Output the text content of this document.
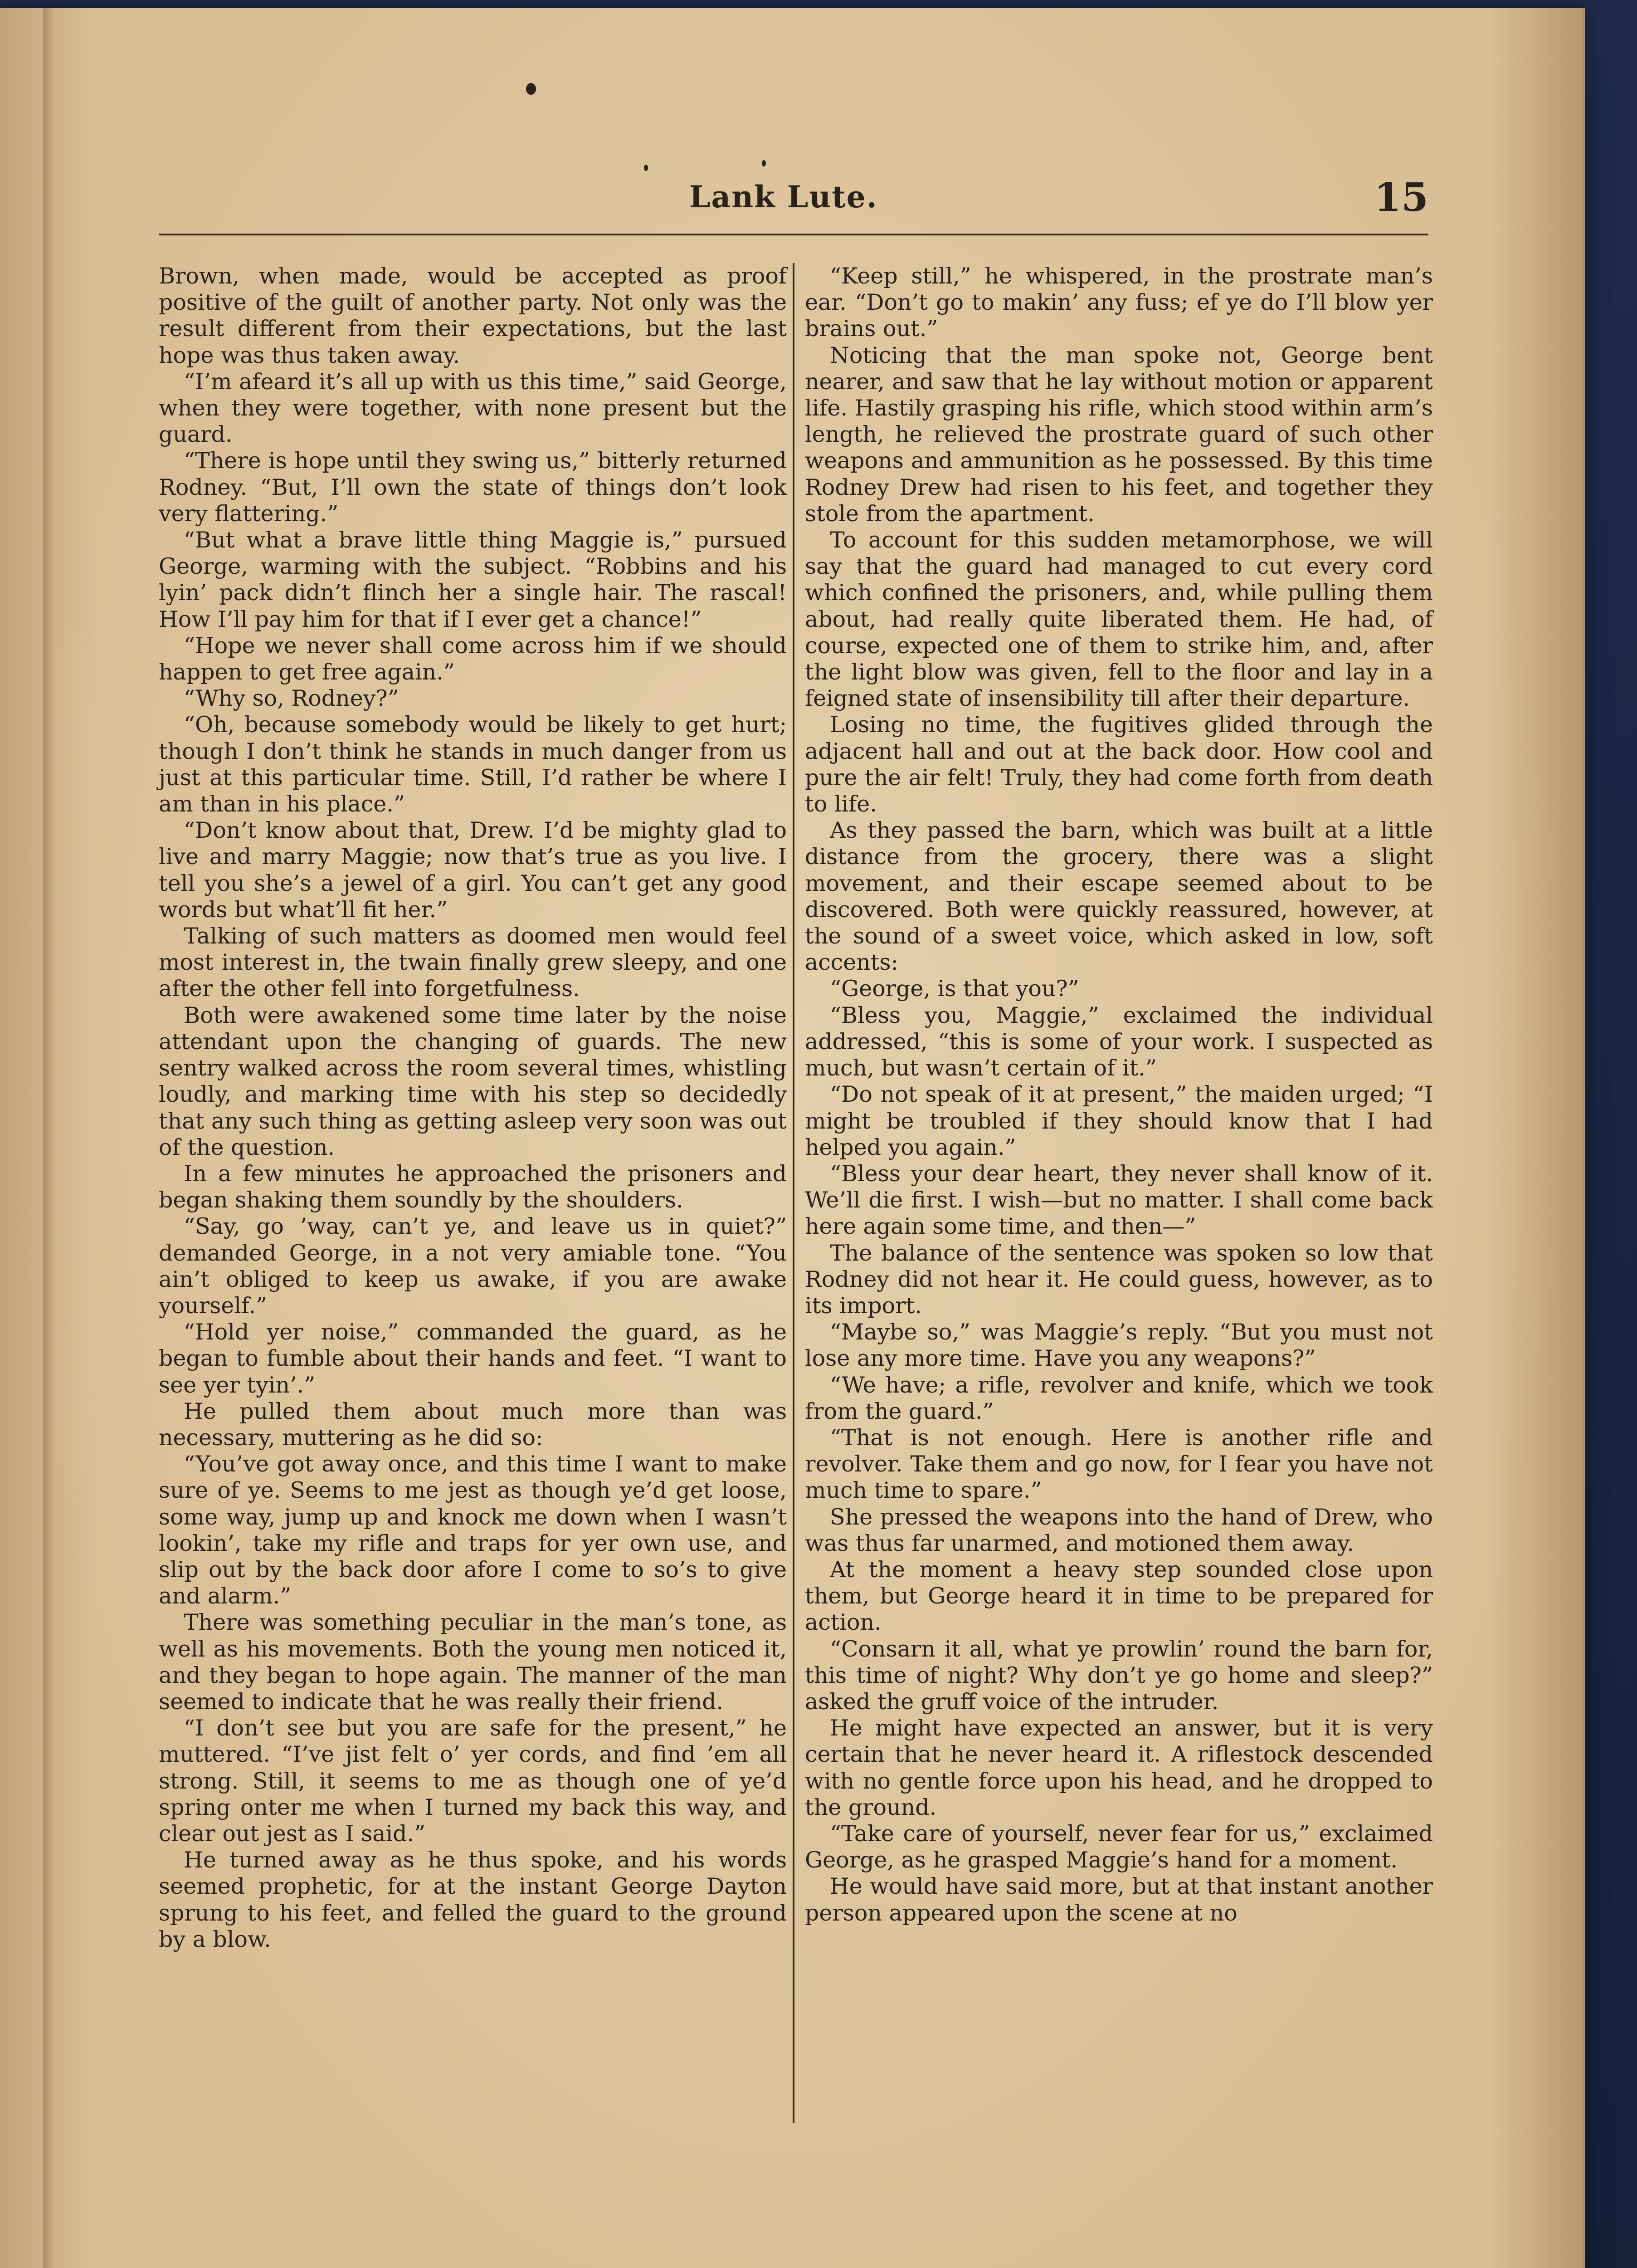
Lank Lute.	15

Brown, when made, would be accepted as proof positive of the guilt of another party. Not only was the result different from their expectations, but the last hope was thus taken away.

“I’m afeard it’s all up with us this time,” said George, when they were together, with none present but the guard.

“There is hope until they swing us,” bitterly returned Rodney. “But, I’ll own the state of things don’t look very flattering.”

“But what a brave little thing Maggie is,” pursued George, warming with the subject. “Robbins and his lyin’ pack didn’t flinch her a single hair. The rascal! How I’ll pay him for that if I ever get a chance!”

“Hope we never shall come across him if we should happen to get free again.”

“Why so, Rodney?”

“Oh, because somebody would be likely to get hurt; though I don’t think he stands in much danger from us just at this particular time. Still, I’d rather be where I am than in his place.”

“Don’t know about that, Drew. I’d be mighty glad to live and marry Maggie; now that’s true as you live. I tell you she’s a jewel of a girl. You can’t get any good words but what’ll fit her.”

Talking of such matters as doomed men would feel most interest in, the twain finally grew sleepy, and one after the other fell into forgetfulness.

Both were awakened some time later by the noise attendant upon the changing of guards. The new sentry walked across the room several times, whistling loudly, and marking time with his step so decidedly that any such thing as getting asleep very soon was out of the question.

In a few minutes he approached the prisoners and began shaking them soundly by the shoulders.

“Say, go ’way, can’t ye, and leave us in quiet?” demanded George, in a not very amiable tone. “You ain’t obliged to keep us awake, if you are awake yourself.”

“Hold yer noise,” commanded the guard, as he began to fumble about their hands and feet. “I want to see yer tyin’.”

He pulled them about much more than was necessary, muttering as he did so:

“You’ve got away once, and this time I want to make sure of ye. Seems to me jest as though ye’d get loose, some way, jump up and knock me down when I wasn’t lookin’, take my rifle and traps for yer own use, and slip out by the back door afore I come to so’s to give and alarm.”

There was something peculiar in the man’s tone, as well as his movements. Both the young men noticed it, and they began to hope again. The manner of the man seemed to indicate that he was really their friend.

“I don’t see but you are safe for the present,” he muttered. “I’ve jist felt o’ yer cords, and find ’em all strong. Still, it seems to me as though one of ye’d spring onter me when I turned my back this way, and clear out jest as I said.”

He turned away as he thus spoke, and his words seemed prophetic, for at the instant George Dayton sprung to his feet, and felled the guard to the ground by a blow.

“Keep still,” he whispered, in the prostrate man’s ear. “Don’t go to makin’ any fuss; ef ye do I’ll blow yer brains out.”

Noticing that the man spoke not, George bent nearer, and saw that he lay without motion or apparent life. Hastily grasping his rifle, which stood within arm’s length, he relieved the prostrate guard of such other weapons and ammunition as he possessed. By this time Rodney Drew had risen to his feet, and together they stole from the apartment.

To account for this sudden metamorphose, we will say that the guard had managed to cut every cord which confined the prisoners, and, while pulling them about, had really quite liberated them. He had, of course, expected one of them to strike him, and, after the light blow was given, fell to the floor and lay in a feigned state of insensibility till after their departure.

Losing no time, the fugitives glided through the adjacent hall and out at the back door. How cool and pure the air felt! Truly, they had come forth from death to life.

As they passed the barn, which was built at a little distance from the grocery, there was a slight movement, and their escape seemed about to be discovered. Both were quickly reassured, however, at the sound of a sweet voice, which asked in low, soft accents:

“George, is that you?”

“Bless you, Maggie,” exclaimed the individual addressed, “this is some of your work. I suspected as much, but wasn’t certain of it.”

“Do not speak of it at present,” the maiden urged; “I might be troubled if they should know that I had helped you again.”

“Bless your dear heart, they never shall know of it. We’ll die first. I wish—but no matter. I shall come back here again some time, and then—”

The balance of the sentence was spoken so low that Rodney did not hear it. He could guess, however, as to its import.

“Maybe so,” was Maggie’s reply. “But you must not lose any more time. Have you any weapons?”

“We have; a rifle, revolver and knife, which we took from the guard.”

“That is not enough. Here is another rifle and revolver. Take them and go now, for I fear you have not much time to spare.”

She pressed the weapons into the hand of Drew, who was thus far unarmed, and motioned them away.

At the moment a heavy step sounded close upon them, but George heard it in time to be prepared for action.

“Consarn it all, what ye prowlin’ round the barn for, this time of night? Why don’t ye go home and sleep?” asked the gruff voice of the intruder.

He might have expected an answer, but it is very certain that he never heard it. A riflestock descended with no gentle force upon his head, and he dropped to the ground.

“Take care of yourself, never fear for us,” exclaimed George, as he grasped Maggie’s hand for a moment.

He would have said more, but at that instant another person appeared upon the scene at no
